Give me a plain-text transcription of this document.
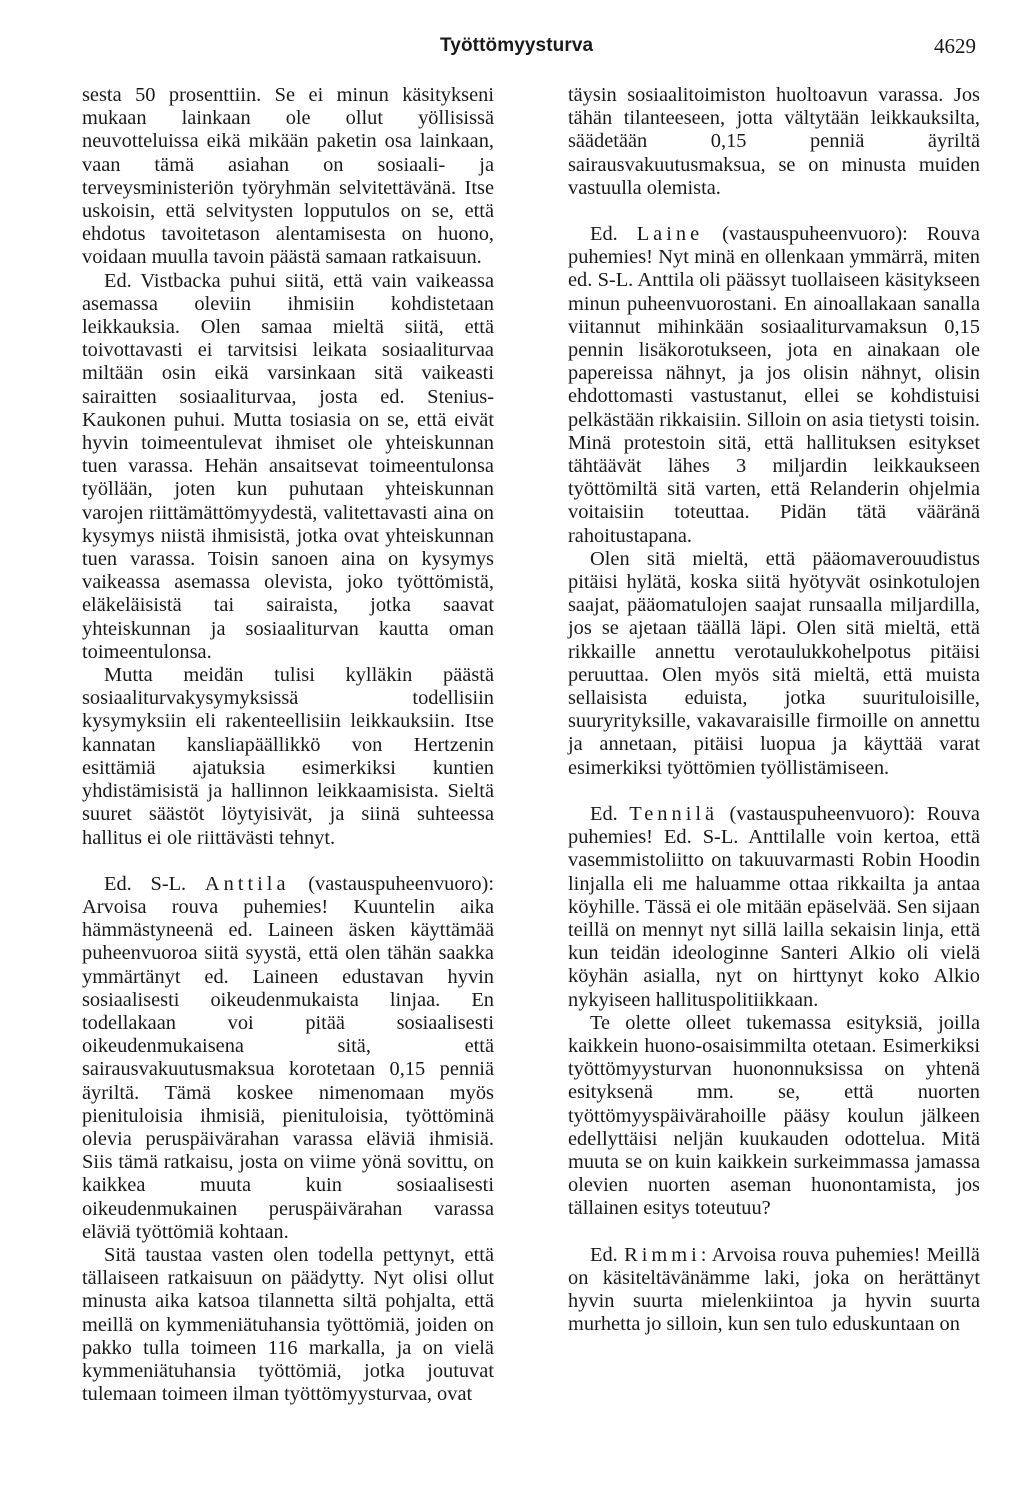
Työttömyysturva	4629

sesta 50 prosenttiin. Se ei minun käsitykseni mukaan lainkaan ole ollut yöllisissä neuvotteluissa eikä mikään paketin osa lainkaan, vaan tämä asiahan on sosiaali- ja terveysministeriön työryhmän selvitettävänä. Itse uskoisin, että selvitysten lopputulos on se, että ehdotus tavoitetason alentamisesta on huono, voidaan muulla tavoin päästä samaan ratkaisuun.

Ed. Vistbacka puhui siitä, että vain vaikeassa asemassa oleviin ihmisiin kohdistetaan leikkauksia. Olen samaa mieltä siitä, että toivottavasti ei tarvitsisi leikata sosiaaliturvaa miltään osin eikä varsinkaan sitä vaikeasti sairaitten sosiaaliturvaa, josta ed. Stenius-Kaukonen puhui. Mutta tosiasia on se, että eivät hyvin toimeentulevat ihmiset ole yhteiskunnan tuen varassa. Hehän ansaitsevat toimeentulonsa työllään, joten kun puhutaan yhteiskunnan varojen riittämättömyydestä, valitettavasti aina on kysymys niistä ihmisistä, jotka ovat yhteiskunnan tuen varassa. Toisin sanoen aina on kysymys vaikeassa asemassa olevista, joko työttömistä, eläkeläisistä tai sairaista, jotka saavat yhteiskunnan ja sosiaaliturvan kautta oman toimeentulonsa.

Mutta meidän tulisi kylläkin päästä sosiaaliturvakysymyksissä todellisiin kysymyksiin eli rakenteellisiin leikkauksiin. Itse kannatan kansliapäällikkö von Hertzenin esittämiä ajatuksia esimerkiksi kuntien yhdistämisistä ja hallinnon leikkaamisista. Sieltä suuret säästöt löytyisivät, ja siinä suhteessa hallitus ei ole riittävästi tehnyt.

Ed. S-L. Anttila (vastauspuheenvuoro): Arvoisa rouva puhemies! Kuuntelin aika hämmästyneenä ed. Laineen äsken käyttämää puheenvuoroa siitä syystä, että olen tähän saakka ymmärtänyt ed. Laineen edustavan hyvin sosiaalisesti oikeudenmukaista linjaa. En todellakaan voi pitää sosiaalisesti oikeudenmukaisena sitä, että sairausvakuutusmaksua korotetaan 0,15 penniä äyriltä. Tämä koskee nimenomaan myös pienituloisia ihmisiä, pienituloisia, työttöminä olevia peruspäivärahan varassa eläviä ihmisiä. Siis tämä ratkaisu, josta on viime yönä sovittu, on kaikkea muuta kuin sosiaalisesti oikeudenmukainen peruspäivärahan varassa eläviä työttömiä kohtaan.

Sitä taustaa vasten olen todella pettynyt, että tällaiseen ratkaisuun on päädytty. Nyt olisi ollut minusta aika katsoa tilannetta siltä pohjalta, että meillä on kymmeniätuhansia työttömiä, joiden on pakko tulla toimeen 116 markalla, ja on vielä kymmeniätuhansia työttömiä, jotka joutuvat tulemaan toimeen ilman työttömyysturvaa, ovat

täysin sosiaalitoimiston huoltoavun varassa. Jos tähän tilanteeseen, jotta vältytään leikkauksilta, säädetään 0,15 penniä äyriltä sairausvakuutusmaksua, se on minusta muiden vastuulla olemista.

Ed. Laine (vastauspuheenvuoro): Rouva puhemies! Nyt minä en ollenkaan ymmärrä, miten ed. S-L. Anttila oli päässyt tuollaiseen käsitykseen minun puheenvuorostani. En ainoallakaan sanalla viitannut mihinkään sosiaaliturvamaksun 0,15 pennin lisäkorotukseen, jota en ainakaan ole papereissa nähnyt, ja jos olisin nähnyt, olisin ehdottomasti vastustanut, ellei se kohdistuisi pelkästään rikkaisiin. Silloin on asia tietysti toisin. Minä protestoin sitä, että hallituksen esitykset tähtäävät lähes 3 miljardin leikkaukseen työttömiltä sitä varten, että Relanderin ohjelmia voitaisiin toteuttaa. Pidän tätä vääränä rahoitustapana.

Olen sitä mieltä, että pääomaverouudistus pitäisi hylätä, koska siitä hyötyvät osinkotulojen saajat, pääomatulojen saajat runsaalla miljardilla, jos se ajetaan täällä läpi. Olen sitä mieltä, että rikkaille annettu verotaulukkohelpotus pitäisi peruuttaa. Olen myös sitä mieltä, että muista sellaisista eduista, jotka suurituloisille, suuryrityksille, vakavaraisille firmoille on annettu ja annetaan, pitäisi luopua ja käyttää varat esimerkiksi työttömien työllistämiseen.

Ed. Tennilä (vastauspuheenvuoro): Rouva puhemies! Ed. S-L. Anttilalle voin kertoa, että vasemmistoliitto on takuuvarmasti Robin Hoodin linjalla eli me haluamme ottaa rikkailta ja antaa köyhille. Tässä ei ole mitään epäselvää. Sen sijaan teillä on mennyt nyt sillä lailla sekaisin linja, että kun teidän ideologinne Santeri Alkio oli vielä köyhän asialla, nyt on hirttynyt koko Alkio nykyiseen hallituspolitiikkaan.

Te olette olleet tukemassa esityksiä, joilla kaikkein huono-osaisimmilta otetaan. Esimerkiksi työttömyysturvan huononnuksissa on yhtenä esityksenä mm. se, että nuorten työttömyyspäivärahoille pääsy koulun jälkeen edellyttäisi neljän kuukauden odottelua. Mitä muuta se on kuin kaikkein surkeimmassa jamassa olevien nuorten aseman huonontamista, jos tällainen esitys toteutuu?

Ed. Rimmi: Arvoisa rouva puhemies! Meillä on käsiteltävänämme laki, joka on herättänyt hyvin suurta mielenkiintoa ja hyvin suurta murhetta jo silloin, kun sen tulo eduskuntaan on
